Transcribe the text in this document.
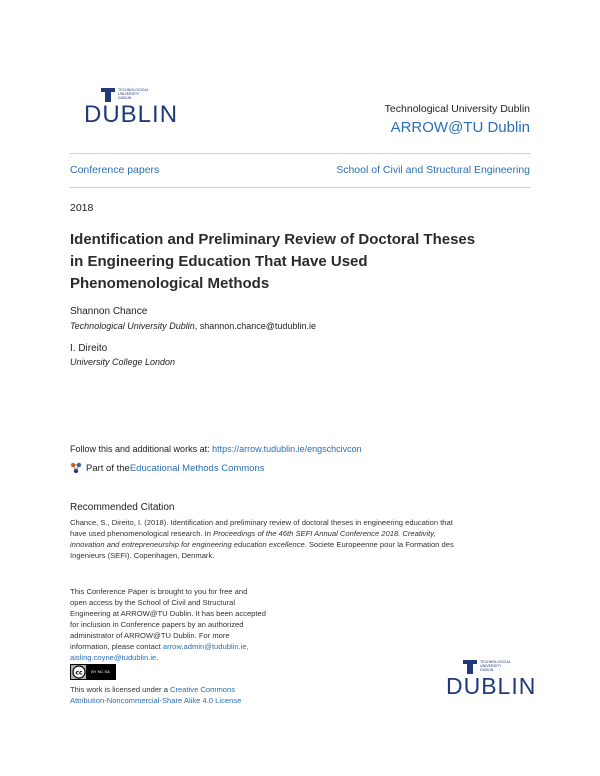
TECHNOLOGICAL
UNIVERSITY
DUBLIN
DUBLIN	Technological University Dublin
ARROW@TU Dublin
Conference papers	School of Civil and Structural Engineering
2018
Identification and Preliminary Review of Doctoral Theses in Engineering Education That Have Used Phenomenological Methods
Shannon Chance
Technological University Dublin, shannon.chance@tudublin.ie
I. Direito
University College London
Follow this and additional works at: https://arrow.tudublin.ie/engschcivcon
Part of the Educational Methods Commons
Recommended Citation
Chance, S., Direito, I. (2018). Identification and preliminary review of doctoral theses in engineering education that
have used phenomenological research. In Proceedings of the 46th SEFI Annual Conference 2018. Creativity,
innovation and entrepreneurship for engineering education excellence. Societe Europeenne pour la Formation des
Ingenieurs (SEFI). Copenhagen, Denmark.
This Conference Paper is brought to you for free and
open access by the School of Civil and Structural
Engineering at ARROW@TU Dublin. It has been accepted
for inclusion in Conference papers by an authorized
administrator of ARROW@TU Dublin. For more
information, please contact arrow.admin@tudublin.ie,
aisling.coyne@tudublin.ie.
cc	BY NC SA
This work is licensed under a Creative Commons
Attribution-Noncommercial-Share Alike 4.0 License
TECHNOLOGICAL
UNIVERSITY
DUBLIN
DUBLIN
